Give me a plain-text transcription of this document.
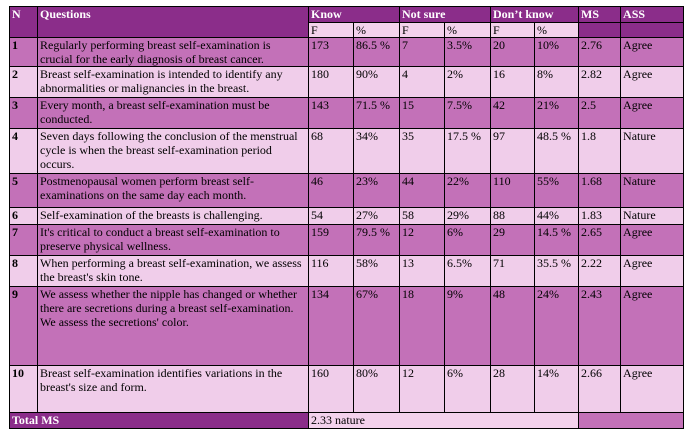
N	Questions	Know		Not sure		Don’t know		MS	ASS
		F	%	F	%	F	%		
1	Regularly performing breast self-examination is crucial for the early diagnosis of breast cancer.	173	86.5 %	7	3.5%	20	10%	2.76	Agree
2	Breast self-examination is intended to identify any abnormalities or malignancies in the breast.	180	90%	4	2%	16	8%	2.82	Agree
3	Every month, a breast self-examination must be conducted.	143	71.5 %	15	7.5%	42	21%	2.5	Agree
4	Seven days following the conclusion of the menstrual cycle is when the breast self-examination period occurs.	68	34%	35	17.5 %	97	48.5 %	1.8	Nature
5	Postmenopausal women perform breast self-examinations on the same day each month.	46	23%	44	22%	110	55%	1.68	Nature
6	Self-examination of the breasts is challenging.	54	27%	58	29%	88	44%	1.83	Nature
7	It's critical to conduct a breast self-examination to preserve physical wellness.	159	79.5 %	12	6%	29	14.5 %	2.65	Agree
8	When performing a breast self-examination, we assess the breast's skin tone.	116	58%	13	6.5%	71	35.5 %	2.22	Agree
9	We assess whether the nipple has changed or whether there are secretions during a breast self-examination. We assess the secretions' color.	134	67%	18	9%	48	24%	2.43	Agree
10	Breast self-examination identifies variations in the breast's size and form.	160	80%	12	6%	28	14%	2.66	Agree
Total MS		2.33 nature							
